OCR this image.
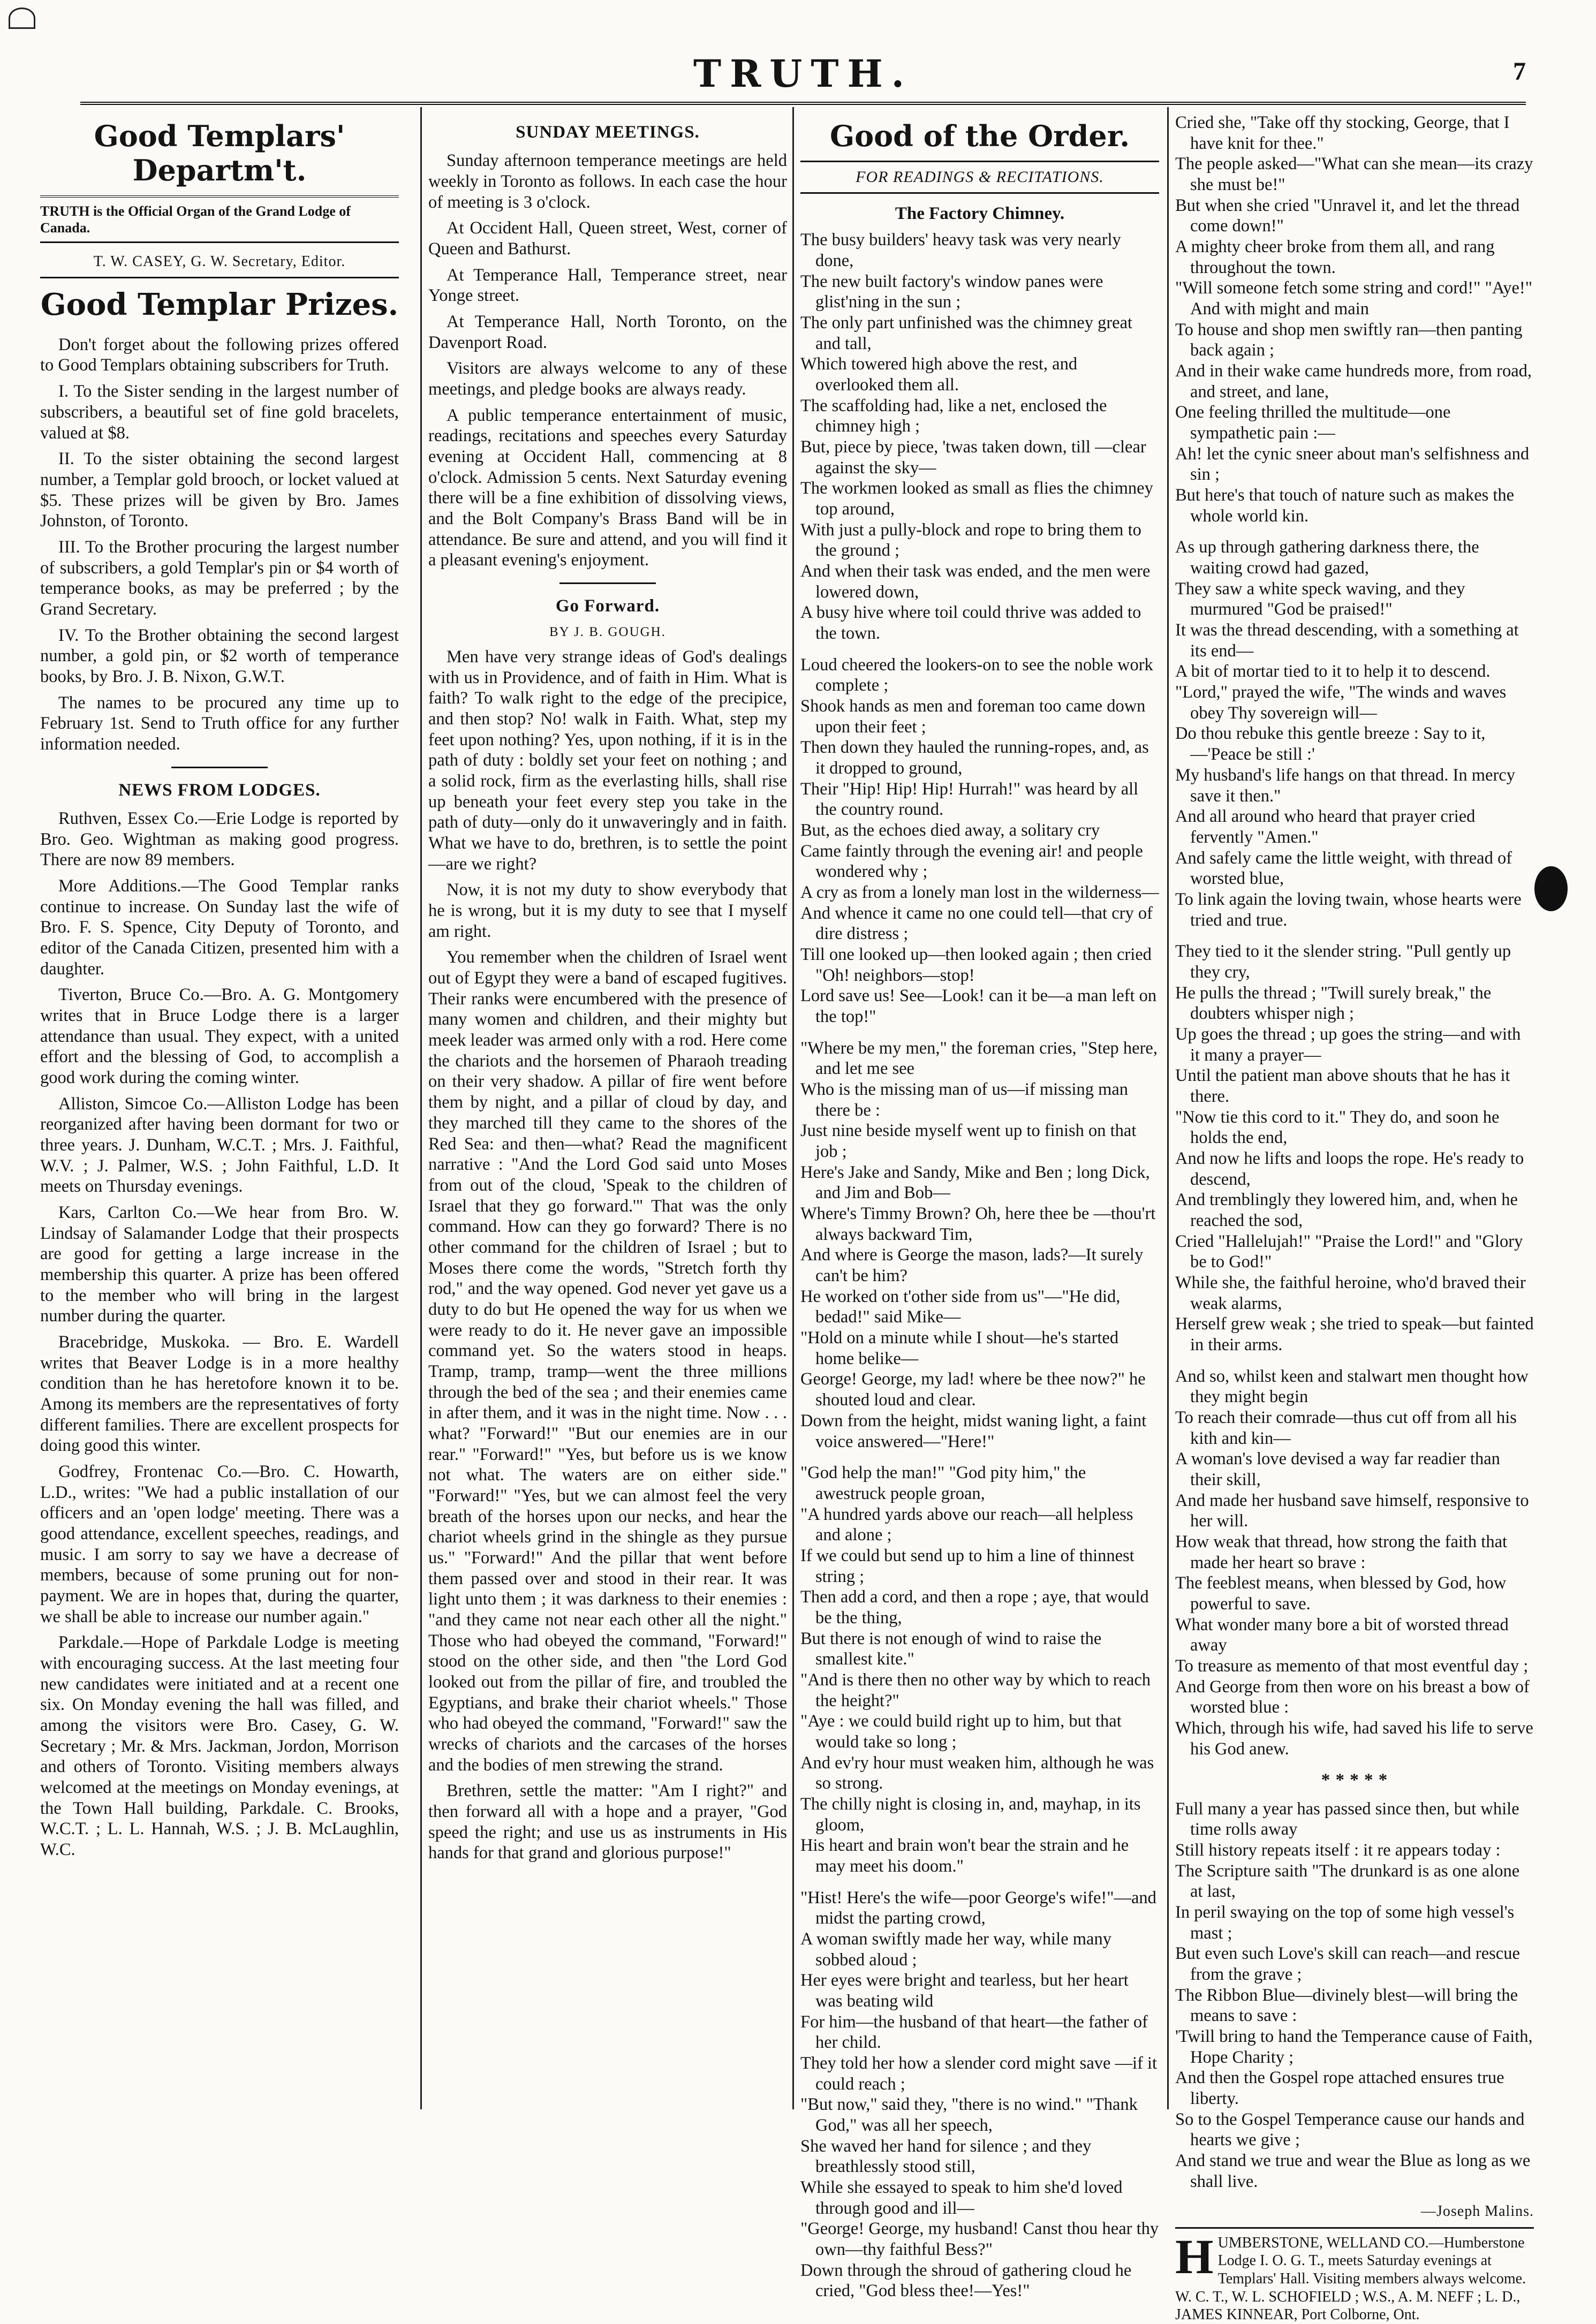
TRUTH.	7
Good Templars' Departm't.
TRUTH is the Official Organ of the Grand Lodge of Canada.
T. W. CASEY, G. W. Secretary, Editor.
Good Templar Prizes.

Don't forget about the following prizes offered to Good Templars obtaining subscribers for Truth.

I. To the Sister sending in the largest number of subscribers, a beautiful set of fine gold bracelets, valued at $8.

II. To the sister obtaining the second largest number, a Templar gold brooch, or locket valued at $5. These prizes will be given by Bro. James Johnston, of Toronto.

III. To the Brother procuring the largest number of subscribers, a gold Templar's pin or $4 worth of temperance books, as may be preferred ; by the Grand Secretary.

IV. To the Brother obtaining the second largest number, a gold pin, or $2 worth of temperance books, by Bro. J. B. Nixon, G.W.T.

The names to be procured any time up to February 1st. Send to Truth office for any further information needed.

NEWS FROM LODGES.

Ruthven, Essex Co.—Erie Lodge is reported by Bro. Geo. Wightman as making good progress. There are now 89 members.

More Additions.—The Good Templar ranks continue to increase. On Sunday last the wife of Bro. F. S. Spence, City Deputy of Toronto, and editor of the Canada Citizen, presented him with a daughter.

Tiverton, Bruce Co.—Bro. A. G. Montgomery writes that in Bruce Lodge there is a larger attendance than usual. They expect, with a united effort and the blessing of God, to accomplish a good work during the coming winter.

Alliston, Simcoe Co.—Alliston Lodge has been reorganized after having been dormant for two or three years. J. Dunham, W.C.T. ; Mrs. J. Faithful, W.V. ; J. Palmer, W.S. ; John Faithful, L.D. It meets on Thursday evenings.

Kars, Carlton Co.—We hear from Bro. W. Lindsay of Salamander Lodge that their prospects are good for getting a large increase in the membership this quarter. A prize has been offered to the member who will bring in the largest number during the quarter.

Bracebridge, Muskoka. — Bro. E. Wardell writes that Beaver Lodge is in a more healthy condition than he has heretofore known it to be. Among its members are the representatives of forty different families. There are excellent prospects for doing good this winter.

Godfrey, Frontenac Co.—Bro. C. Howarth, L.D., writes: "We had a public installation of our officers and an 'open lodge' meeting. There was a good attendance, excellent speeches, readings, and music. I am sorry to say we have a decrease of members, because of some pruning out for non-payment. We are in hopes that, during the quarter, we shall be able to increase our number again."

Parkdale.—Hope of Parkdale Lodge is meeting with encouraging success. At the last meeting four new candidates were initiated and at a recent one six. On Monday evening the hall was filled, and among the visitors were Bro. Casey, G. W. Secretary ; Mr. & Mrs. Jackman, Jordon, Morrison and others of Toronto. Visiting members always welcomed at the meetings on Monday evenings, at the Town Hall building, Parkdale. C. Brooks, W.C.T. ; L. L. Hannah, W.S. ; J. B. McLaughlin, W.C.

SUNDAY MEETINGS.

Sunday afternoon temperance meetings are held weekly in Toronto as follows. In each case the hour of meeting is 3 o'clock.

At Occident Hall, Queen street, West, corner of Queen and Bathurst.

At Temperance Hall, Temperance street, near Yonge street.

At Temperance Hall, North Toronto, on the Davenport Road.

Visitors are always welcome to any of these meetings, and pledge books are always ready.

A public temperance entertainment of music, readings, recitations and speeches every Saturday evening at Occident Hall, commencing at 8 o'clock. Admission 5 cents. Next Saturday evening there will be a fine exhibition of dissolving views, and the Bolt Company's Brass Band will be in attendance. Be sure and attend, and you will find it a pleasant evening's enjoyment.

Go Forward.
BY J. B. GOUGH.

Men have very strange ideas of God's dealings with us in Providence, and of faith in Him. What is faith? To walk right to the edge of the precipice, and then stop? No! walk in Faith. What, step my feet upon nothing? Yes, upon nothing, if it is in the path of duty : boldly set your feet on nothing ; and a solid rock, firm as the everlasting hills, shall rise up beneath your feet every step you take in the path of duty—only do it unwaveringly and in faith. What we have to do, brethren, is to settle the point—are we right?

Now, it is not my duty to show everybody that he is wrong, but it is my duty to see that I myself am right.

You remember when the children of Israel went out of Egypt they were a band of escaped fugitives. Their ranks were encumbered with the presence of many women and children, and their mighty but meek leader was armed only with a rod. Here come the chariots and the horsemen of Pharaoh treading on their very shadow. A pillar of fire went before them by night, and a pillar of cloud by day, and they marched till they came to the shores of the Red Sea: and then—what? Read the magnificent narrative : "And the Lord God said unto Moses from out of the cloud, 'Speak to the children of Israel that they go forward.'" That was the only command. How can they go forward? There is no other command for the children of Israel ; but to Moses there come the words, "Stretch forth thy rod," and the way opened. God never yet gave us a duty to do but He opened the way for us when we were ready to do it. He never gave an impossible command yet. So the waters stood in heaps. Tramp, tramp, tramp—went the three millions through the bed of the sea ; and their enemies came in after them, and it was in the night time. Now . . . what? "Forward!" "But our enemies are in our rear." "Forward!" "Yes, but before us is we know not what. The waters are on either side." "Forward!" "Yes, but we can almost feel the very breath of the horses upon our necks, and hear the chariot wheels grind in the shingle as they pursue us." "Forward!" And the pillar that went before them passed over and stood in their rear. It was light unto them ; it was darkness to their enemies : "and they came not near each other all the night." Those who had obeyed the command, "Forward!" stood on the other side, and then "the Lord God looked out from the pillar of fire, and troubled the Egyptians, and brake their chariot wheels." Those who had obeyed the command, "Forward!" saw the wrecks of chariots and the carcases of the horses and the bodies of men strewing the strand.

Brethren, settle the matter: "Am I right?" and then forward all with a hope and a prayer, "God speed the right; and use us as instruments in His hands for that grand and glorious purpose!"

Good of the Order.
FOR READINGS & RECITATIONS.
The Factory Chimney.
The busy builders' heavy task was very nearly done,
The new built factory's window panes were glist'ning in the sun ;
The only part unfinished was the chimney great and tall,
Which towered high above the rest, and overlooked them all.
The scaffolding had, like a net, enclosed the chimney high ;
But, piece by piece, 'twas taken down, till —clear against the sky—
The workmen looked as small as flies the chimney top around,
With just a pully-block and rope to bring them to the ground ;
And when their task was ended, and the men were lowered down,
A busy hive where toil could thrive was added to the town.
Loud cheered the lookers-on to see the noble work complete ;
Shook hands as men and foreman too came down upon their feet ;
Then down they hauled the running-ropes, and, as it dropped to ground,
Their "Hip! Hip! Hip! Hurrah!" was heard by all the country round.
But, as the echoes died away, a solitary cry
Came faintly through the evening air! and people wondered why ;
A cry as from a lonely man lost in the wilderness—
And whence it came no one could tell—that cry of dire distress ;
Till one looked up—then looked again ; then cried "Oh! neighbors—stop!
Lord save us! See—Look! can it be—a man left on the top!"
"Where be my men," the foreman cries, "Step here, and let me see
Who is the missing man of us—if missing man there be :
Just nine beside myself went up to finish on that job ;
Here's Jake and Sandy, Mike and Ben ; long Dick, and Jim and Bob—
Where's Timmy Brown? Oh, here thee be —thou'rt always backward Tim,
And where is George the mason, lads?—It surely can't be him?
He worked on t'other side from us"—"He did, bedad!" said Mike—
"Hold on a minute while I shout—he's started home belike—
George! George, my lad! where be thee now?" he shouted loud and clear.
Down from the height, midst waning light, a faint voice answered—"Here!"
"God help the man!" "God pity him," the awestruck people groan,
"A hundred yards above our reach—all helpless and alone ;
If we could but send up to him a line of thinnest string ;
Then add a cord, and then a rope ; aye, that would be the thing,
But there is not enough of wind to raise the smallest kite."
"And is there then no other way by which to reach the height?"
"Aye : we could build right up to him, but that would take so long ;
And ev'ry hour must weaken him, although he was so strong.
The chilly night is closing in, and, mayhap, in its gloom,
His heart and brain won't bear the strain and he may meet his doom."
"Hist! Here's the wife—poor George's wife!"—and midst the parting crowd,
A woman swiftly made her way, while many sobbed aloud ;
Her eyes were bright and tearless, but her heart was beating wild
For him—the husband of that heart—the father of her child.
They told her how a slender cord might save —if it could reach ;
"But now," said they, "there is no wind." "Thank God," was all her speech,
She waved her hand for silence ; and they breathlessly stood still,
While she essayed to speak to him she'd loved through good and ill—
"George! George, my husband! Canst thou hear thy own—thy faithful Bess?"
Down through the shroud of gathering cloud he cried, "God bless thee!—Yes!"
Cried she, "Take off thy stocking, George, that I have knit for thee."
The people asked—"What can she mean—its crazy she must be!"
But when she cried "Unravel it, and let the thread come down!"
A mighty cheer broke from them all, and rang throughout the town.
"Will someone fetch some string and cord!" "Aye!" And with might and main
To house and shop men swiftly ran—then panting back again ;
And in their wake came hundreds more, from road, and street, and lane,
One feeling thrilled the multitude—one sympathetic pain :—
Ah! let the cynic sneer about man's selfishness and sin ;
But here's that touch of nature such as makes the whole world kin.
As up through gathering darkness there, the waiting crowd had gazed,
They saw a white speck waving, and they murmured "God be praised!"
It was the thread descending, with a something at its end—
A bit of mortar tied to it to help it to descend.
"Lord," prayed the wife, "The winds and waves obey Thy sovereign will—
Do thou rebuke this gentle breeze : Say to it,—'Peace be still :'
My husband's life hangs on that thread. In mercy save it then."
And all around who heard that prayer cried fervently "Amen."
And safely came the little weight, with thread of worsted blue,
To link again the loving twain, whose hearts were tried and true.
They tied to it the slender string. "Pull gently up they cry,
He pulls the thread ; "Twill surely break," the doubters whisper nigh ;
Up goes the thread ; up goes the string—and with it many a prayer—
Until the patient man above shouts that he has it there.
"Now tie this cord to it." They do, and soon he holds the end,
And now he lifts and loops the rope. He's ready to descend,
And tremblingly they lowered him, and, when he reached the sod,
Cried "Hallelujah!" "Praise the Lord!" and "Glory be to God!"
While she, the faithful heroine, who'd braved their weak alarms,
Herself grew weak ; she tried to speak—but fainted in their arms.
And so, whilst keen and stalwart men thought how they might begin
To reach their comrade—thus cut off from all his kith and kin—
A woman's love devised a way far readier than their skill,
And made her husband save himself, responsive to her will.
How weak that thread, how strong the faith that made her heart so brave :
The feeblest means, when blessed by God, how powerful to save.
What wonder many bore a bit of worsted thread away
To treasure as memento of that most eventful day ;
And George from then wore on his breast a bow of worsted blue :
Which, through his wife, had saved his life to serve his God anew.
* * * * *
Full many a year has passed since then, but while time rolls away
Still history repeats itself : it re appears today :
The Scripture saith "The drunkard is as one alone at last,
In peril swaying on the top of some high vessel's mast ;
But even such Love's skill can reach—and rescue from the grave ;
The Ribbon Blue—divinely blest—will bring the means to save :
'Twill bring to hand the Temperance cause of Faith, Hope Charity ;
And then the Gospel rope attached ensures true liberty.
So to the Gospel Temperance cause our hands and hearts we give ;
And stand we true and wear the Blue as long as we shall live.
—Joseph Malins.
HUMBERSTONE, WELLAND CO.—Humberstone Lodge I. O. G. T., meets Saturday evenings at Templars' Hall. Visiting members always welcome. W. C. T., W. L. SCHOFIELD ; W.S., A. M. NEFF ; L. D., JAMES KINNEAR, Port Colborne, Ont.
